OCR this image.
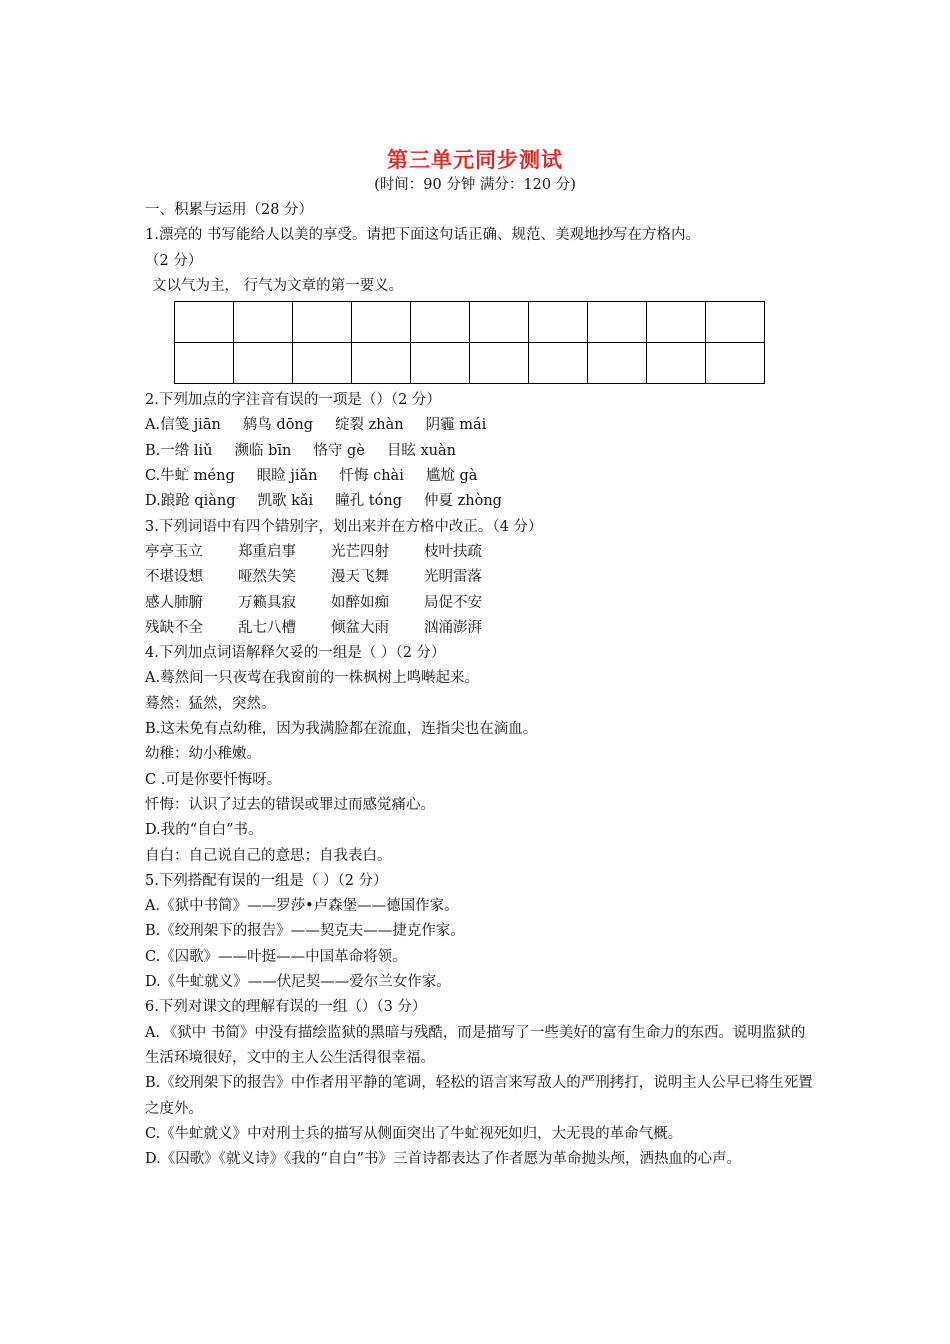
第三单元同步测试
(时间：90 分钟 满分：120 分)
一、积累与运用（28 分）
1.漂亮的 书写能给人以美的享受。请把下面这句话正确、规范、美观地抄写在方格内。
（2 分）
文以气为主， 行气为文章的第一要义。

2.下列加点的字注音有误的一项是（）（2 分）
A.信笺 jiān 鸫鸟 dōng 绽裂 zhàn 阴霾 mái
B.一绺 liǔ 濒临 bīn 恪守 gè 目眩 xuàn
C.牛虻 méng 眼睑 jiǎn 忏悔 chài 尴尬 gà
D.踉跄 qiàng 凯歌 kǎi 瞳孔 tóng 仲夏 zhòng
3.下列词语中有四个错别字，划出来并在方格中改正。（4 分）
亭亭玉立 郑重启事 光芒四射 枝叶扶疏
不堪设想 哑然失笑 漫天飞舞 光明雷落
感人肺腑 万籁具寂 如醉如痴 局促不安
残缺不全 乱七八槽 倾盆大雨 汹涌澎湃
4.下列加点词语解释欠妥的一组是（ ）（2 分）
A.蓦然间一只夜莺在我窗前的一株枫树上鸣啭起来。
蓦然：猛然，突然。
B.这未免有点幼稚，因为我满脸都在流血，连指尖也在滴血。
幼稚：幼小稚嫩。
C .可是你要忏悔呀。
忏悔：认识了过去的错误或罪过而感觉痛心。
D.我的“自白”书。
自白：自己说自己的意思；自我表白。
5.下列搭配有误的一组是（ ）（2 分）
A.《狱中书简》——罗莎•卢森堡——德国作家。
B.《绞刑架下的报告》——契克夫——捷克作家。
C.《囚歌》——叶挺——中国革命将领。
D.《牛虻就义》——伏尼契——爱尔兰女作家。
6.下列对课文的理解有误的一组（）（3 分）
A．《狱中 书简》中没有描绘监狱的黑暗与残酷，而是描写了一些美好的富有生命力的东西。说明监狱的生活环境很好，文中的主人公生活得很幸福。
B.《绞刑架下的报告》中作者用平静的笔调，轻松的语言来写敌人的严刑拷打，说明主人公早已将生死置之度外。
C.《牛虻就义》中对刑士兵的描写从侧面突出了牛虻视死如归，大无畏的革命气概。
D.《囚歌》《就义诗》《我的“自白”书》三首诗都表达了作者愿为革命抛头颅，洒热血的心声。
